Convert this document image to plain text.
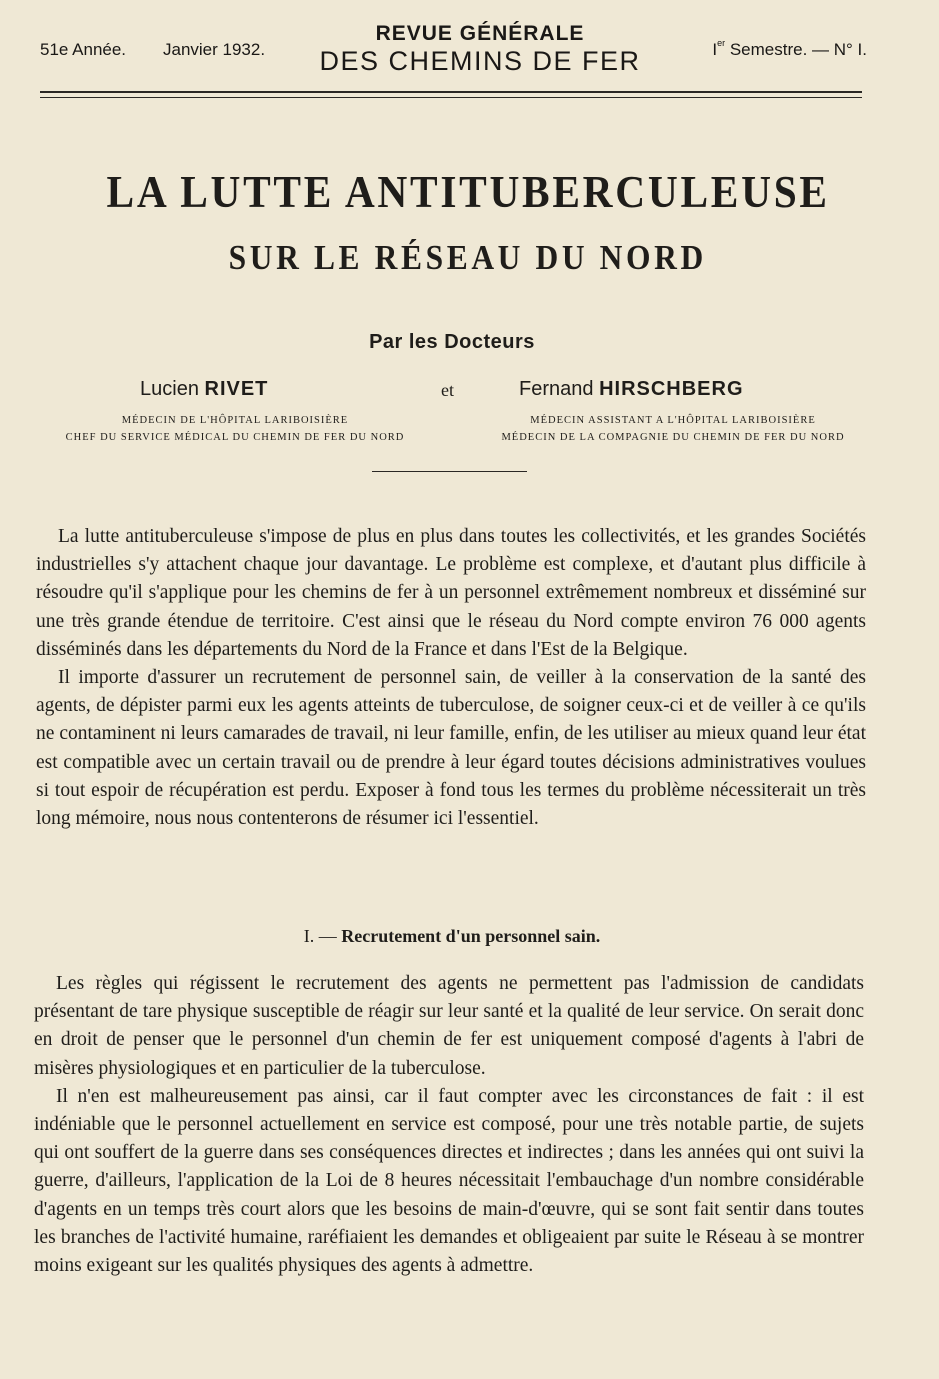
51e Année. Janvier 1932.
REVUE GÉNÉRALE
DES CHEMINS DE FER	Ier Semestre. — N° I.
LA LUTTE ANTITUBERCULEUSE
SUR LE RÉSEAU DU NORD
Par les Docteurs
Lucien RIVET	et	Fernand HIRSCHBERG
MÉDECIN DE L'HÔPITAL LARIBOISIÈRE
CHEF DU SERVICE MÉDICAL DU CHEMIN DE FER DU NORD
MÉDECIN ASSISTANT A L'HÔPITAL LARIBOISIÈRE
MÉDECIN DE LA COMPAGNIE DU CHEMIN DE FER DU NORD

La lutte antituberculeuse s'impose de plus en plus dans toutes les collectivités, et les grandes Sociétés industrielles s'y attachent chaque jour davantage. Le problème est complexe, et d'autant plus difficile à résoudre qu'il s'applique pour les chemins de fer à un personnel extrêmement nombreux et disséminé sur une très grande étendue de territoire. C'est ainsi que le réseau du Nord compte environ 76 000 agents disséminés dans les départements du Nord de la France et dans l'Est de la Belgique.

Il importe d'assurer un recrutement de personnel sain, de veiller à la conservation de la santé des agents, de dépister parmi eux les agents atteints de tuberculose, de soigner ceux-ci et de veiller à ce qu'ils ne contaminent ni leurs camarades de travail, ni leur famille, enfin, de les utiliser au mieux quand leur état est compatible avec un certain travail ou de prendre à leur égard toutes décisions administratives voulues si tout espoir de récupération est perdu. Exposer à fond tous les termes du problème nécessiterait un très long mémoire, nous nous contenterons de résumer ici l'essentiel.

I. — Recrutement d'un personnel sain.

Les règles qui régissent le recrutement des agents ne permettent pas l'admission de candidats présentant de tare physique susceptible de réagir sur leur santé et la qualité de leur service. On serait donc en droit de penser que le personnel d'un chemin de fer est uniquement composé d'agents à l'abri de misères physiologiques et en particulier de la tuberculose.

Il n'en est malheureusement pas ainsi, car il faut compter avec les circonstances de fait : il est indéniable que le personnel actuellement en service est composé, pour une très notable partie, de sujets qui ont souffert de la guerre dans ses conséquences directes et indirectes ; dans les années qui ont suivi la guerre, d'ailleurs, l'application de la Loi de 8 heures nécessitait l'embauchage d'un nombre considérable d'agents en un temps très court alors que les besoins de main-d'œuvre, qui se sont fait sentir dans toutes les branches de l'activité humaine, raréfiaient les demandes et obligeaient par suite le Réseau à se montrer moins exigeant sur les qualités physiques des agents à admettre.
